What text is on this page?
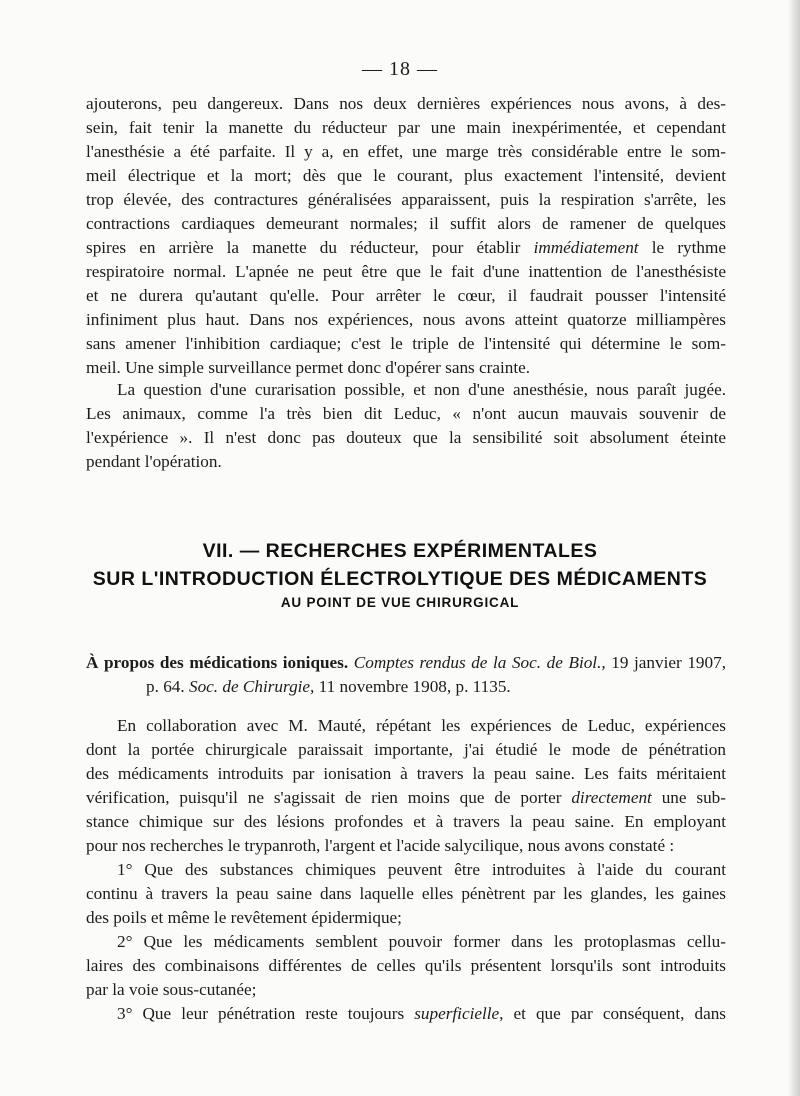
— 18 —

ajouterons, peu dangereux. Dans nos deux dernières expériences nous avons, à des-

sein, fait tenir la manette du réducteur par une main inexpérimentée, et cependant

l'anesthésie a été parfaite. Il y a, en effet, une marge très considérable entre le som-

meil électrique et la mort; dès que le courant, plus exactement l'intensité, devient

trop élevée, des contractures généralisées apparaissent, puis la respiration s'arrête, les

contractions cardiaques demeurant normales; il suffit alors de ramener de quelques

spires en arrière la manette du réducteur, pour établir immédiatement le rythme

respiratoire normal. L'apnée ne peut être que le fait d'une inattention de l'anesthésiste

et ne durera qu'autant qu'elle. Pour arrêter le cœur, il faudrait pousser l'intensité

infiniment plus haut. Dans nos expériences, nous avons atteint quatorze milliampères

sans amener l'inhibition cardiaque; c'est le triple de l'intensité qui détermine le som-

meil. Une simple surveillance permet donc d'opérer sans crainte.

La question d'une curarisation possible, et non d'une anesthésie, nous paraît jugée.

Les animaux, comme l'a très bien dit Leduc, « n'ont aucun mauvais souvenir de

l'expérience ». Il n'est donc pas douteux que la sensibilité soit absolument éteinte

pendant l'opération.

VII. — RECHERCHES EXPÉRIMENTALES
SUR L'INTRODUCTION ÉLECTROLYTIQUE DES MÉDICAMENTS
AU POINT DE VUE CHIRURGICAL

À propos des médications ioniques. Comptes rendus de la Soc. de Biol., 19 janvier 1907,

p. 64. Soc. de Chirurgie, 11 novembre 1908, p. 1135.

En collaboration avec M. Mauté, répétant les expériences de Leduc, expériences

dont la portée chirurgicale paraissait importante, j'ai étudié le mode de pénétration

des médicaments introduits par ionisation à travers la peau saine. Les faits méritaient

vérification, puisqu'il ne s'agissait de rien moins que de porter directement une sub-

stance chimique sur des lésions profondes et à travers la peau saine. En employant

pour nos recherches le trypanroth, l'argent et l'acide salycilique, nous avons constaté :

1° Que des substances chimiques peuvent être introduites à l'aide du courant

continu à travers la peau saine dans laquelle elles pénètrent par les glandes, les gaines

des poils et même le revêtement épidermique;

2° Que les médicaments semblent pouvoir former dans les protoplasmas cellu-

laires des combinaisons différentes de celles qu'ils présentent lorsqu'ils sont introduits

par la voie sous-cutanée;

3° Que leur pénétration reste toujours superficielle, et que par conséquent, dans
